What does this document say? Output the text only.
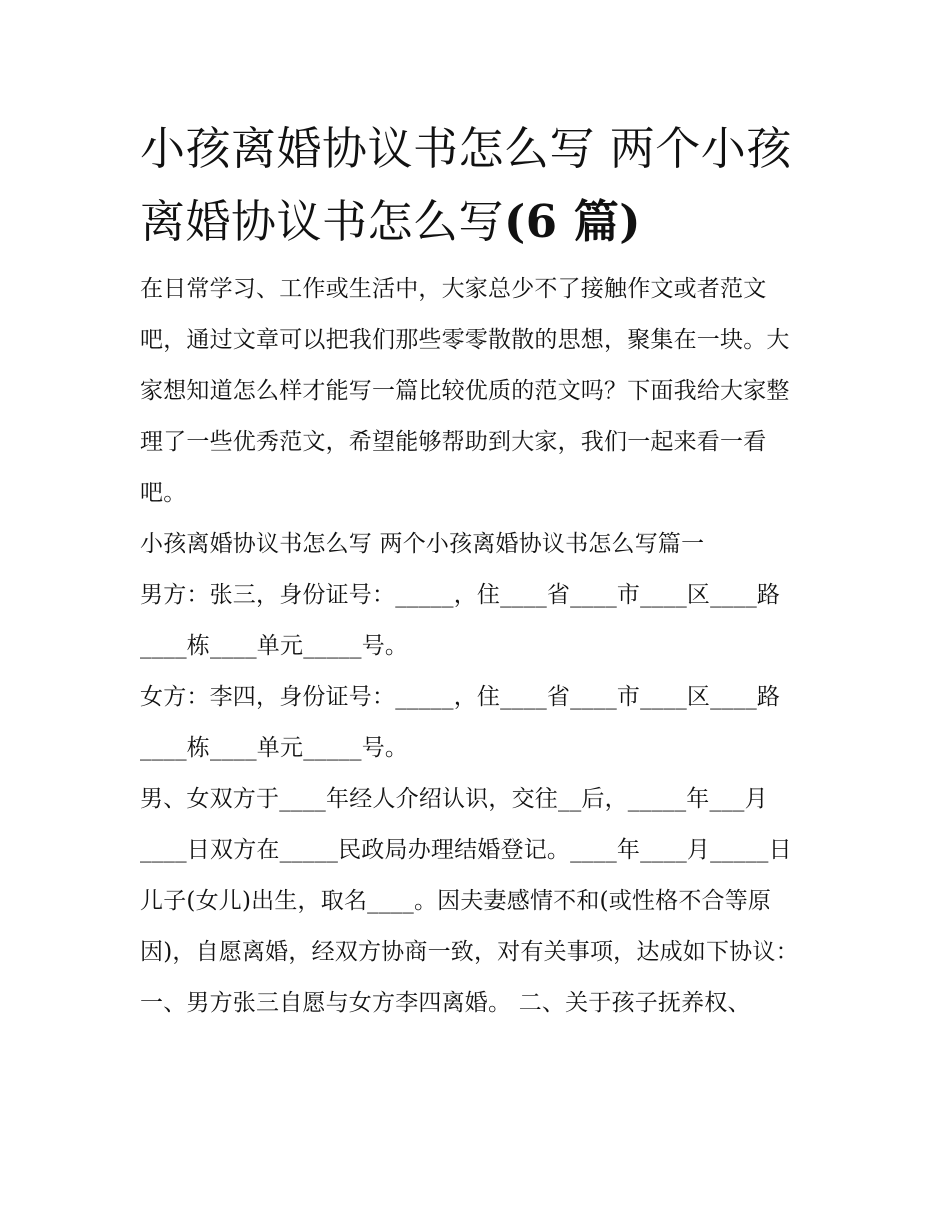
小孩离婚协议书怎么写 两个小孩离婚协议书怎么写(6 篇)

在日常学习、工作或生活中，大家总少不了接触作文或者范文吧，通过文章可以把我们那些零零散散的思想，聚集在一块。大家想知道怎么样才能写一篇比较优质的范文吗？下面我给大家整理了一些优秀范文，希望能够帮助到大家，我们一起来看一看吧。

小孩离婚协议书怎么写 两个小孩离婚协议书怎么写篇一

男方：张三，身份证号：_____，住____省____市____区____路____栋____单元_____号。

女方：李四，身份证号：_____，住____省____市____区____路____栋____单元_____号。

男、女双方于____年经人介绍认识，交往__后，_____年___月____日双方在_____民政局办理结婚登记。____年____月_____日儿子(女儿)出生，取名____。因夫妻感情不和(或性格不合等原因)，自愿离婚，经双方协商一致，对有关事项，达成如下协议：

一、男方张三自愿与女方李四离婚。 二、关于孩子抚养权、
